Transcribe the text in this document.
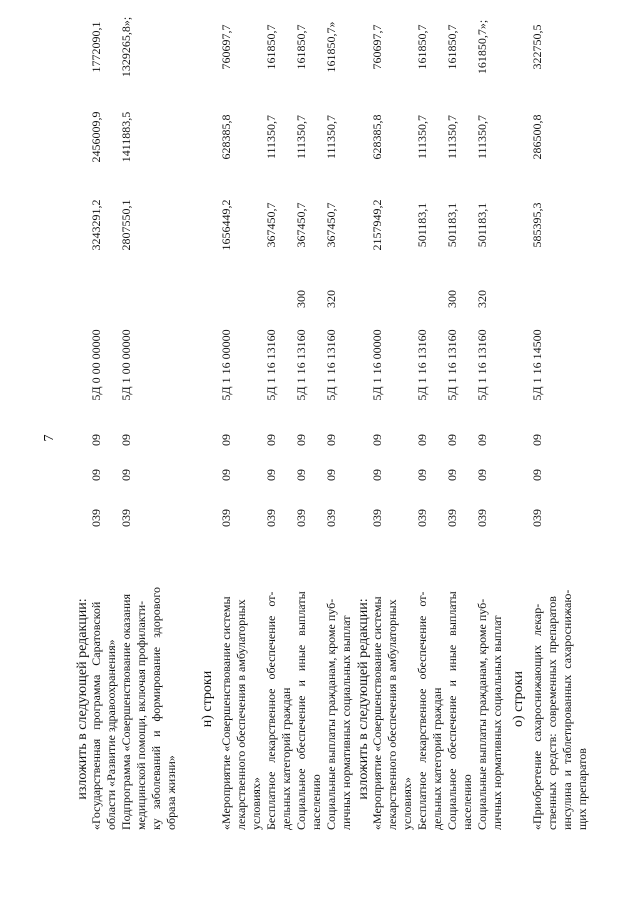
7
изложить в следующей редакции: «Государственная   программа   Саратовской области «Развитие здравоохранения»
039
09
09
5Д 0 00 00000
3243291,2
2456009,9
1772090,1
Подпрограмма «Совершенствование оказания медицинской помощи, включая профилакти- ку   заболеваний   и   формирование   здорового образа жизни»
039
09
09
5Д 1 00 00000
2807550,1
1411883,5
1329265,8»;
н) строки «Мероприятие «Совершенствование системы лекарственного обеспечения в амбулаторных условиях»
039
09
09
5Д 1 16 00000
1656449,2
628385,8
760697,7
Бесплатное   лекарственное   обеспечение   от- дельных категорий граждан
039
09
09
5Д 1 16 13160
367450,7
111350,7
161850,7
Социальное   обеспечение   и   иные   выплаты населению
039
09
09
5Д 1 16 13160
300
367450,7
111350,7
161850,7
Социальные выплаты гражданам, кроме пуб- личных нормативных социальных выплат
039
09
09
5Д 1 16 13160
320
367450,7
111350,7
161850,7»
изложить в следующей редакции: «Мероприятие «Совершенствование системы лекарственного обеспечения в амбулаторных условиях»
039
09
09
5Д 1 16 00000
2157949,2
628385,8
760697,7
Бесплатное   лекарственное   обеспечение   от- дельных категорий граждан
039
09
09
5Д 1 16 13160
501183,1
111350,7
161850,7
Социальное   обеспечение   и   иные   выплаты населению
039
09
09
5Д 1 16 13160
300
501183,1
111350,7
161850,7
Социальные выплаты гражданам, кроме пуб- личных нормативных социальных выплат
039
09
09
5Д 1 16 13160
320
501183,1
111350,7
161850,7»;
о) строки «Приобретение   сахароснижающих   лекар- ственных  средств:  современных  препаратов инсулина  и  таблетированных  сахароснижаю- щих препаратов
039
09
09
5Д 1 16 14500
585395,3
286500,8
322750,5
